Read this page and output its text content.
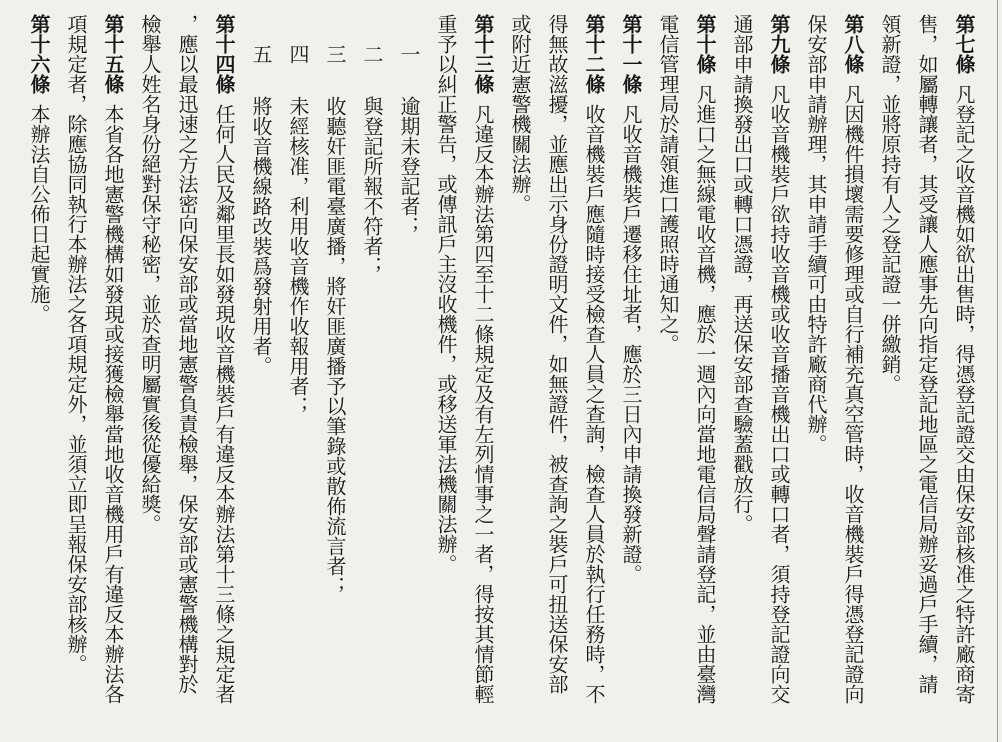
第七條凡登記之收音機如欲出售時，得憑登記證交由保安部核准之特許廠商寄
售，如屬轉讓者，其受讓人應事先向指定登記地區之電信局辦妥過戶手續，請
領新證，並將原持有人之登記證一併繳銷。
第八條凡因機件損壞需要修理或自行補充真空管時，收音機裝戶得憑登記證向
保安部申請辦理，其申請手續可由特許廠商代辦。
第九條凡收音機裝戶欲持收音機或收音播音機出口或轉口者，須持登記證向交
通部申請換發出口或轉口憑證，再送保安部查驗蓋戳放行。
第十條凡進口之無線電收音機，應於一週內向當地電信局聲請登記，並由臺灣
電信管理局於請領進口護照時通知之。
第十一條凡收音機裝戶遷移住址者，應於三日內申請換發新證。
第十二條收音機裝戶應隨時接受檢查人員之查詢，檢查人員於執行任務時，不
得無故滋擾，並應出示身份證明文件，如無證件，被查詢之裝戶可扭送保安部
或附近憲警機關法辦。
第十三條凡違反本辦法第四至十二條規定及有左列情事之一者，得按其情節輕
重予以糾正警告，或傳訊戶主沒收機件，或移送軍法機關法辦。
一逾期未登記者；
二與登記所報不符者；
三收聽奸匪電臺廣播，將奸匪廣播予以筆錄或散佈流言者；
四未經核准，利用收音機作收報用者；
五將收音機線路改裝爲發射用者。
第十四條任何人民及鄰里長如發現收音機裝戶有違反本辦法第十三條之規定者
，應以最迅速之方法密向保安部或當地憲警負責檢舉，保安部或憲警機構對於
檢舉人姓名身份絕對保守秘密，並於查明屬實後從優給獎。
第十五條本省各地憲警機構如發現或接獲檢舉當地收音機用戶有違反本辦法各
項規定者，除應協同執行本辦法之各項規定外，並須立即呈報保安部核辦。
第十六條本辦法自公佈日起實施。
